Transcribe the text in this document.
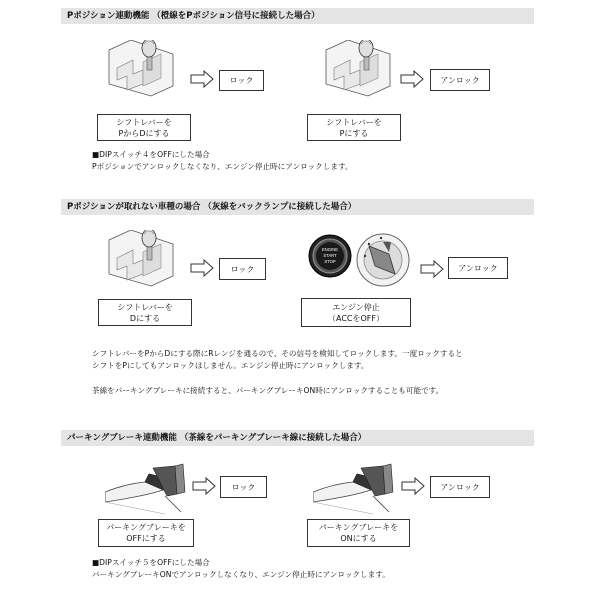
Pポジション連動機能 （橙線をPポジション信号に接続した場合）
ロック
シフトレバーを
PからDにする
アンロック
シフトレバーを
Pにする
■DIPスイッチ４をOFFにした場合
Pポジションでアンロックしなくなり、エンジン停止時にアンロックします。
Pポジションが取れない車種の場合 （灰線をバックランプに接続した場合）
ロック
シフトレバーを
Dにする
ENGINE
START
STOP
アンロック
エンジン停止
（ACCをOFF）
シフトレバーをPからDにする際にRレンジを通るので、その信号を検知してロックします。一度ロックすると
シフトをPにしてもアンロックはしません。エンジン停止時にアンロックします。
茶線をパーキングブレーキに接続すると、パーキングブレーキON時にアンロックすることも可能です。
パーキングブレーキ連動機能 （茶線をパーキングブレーキ線に接続した場合）
ロック
パーキングブレーキを
OFFにする
アンロック
パーキングブレーキを
ONにする
■DIPスイッチ５をOFFにした場合
パーキングブレーキONでアンロックしなくなり、エンジン停止時にアンロックします。
